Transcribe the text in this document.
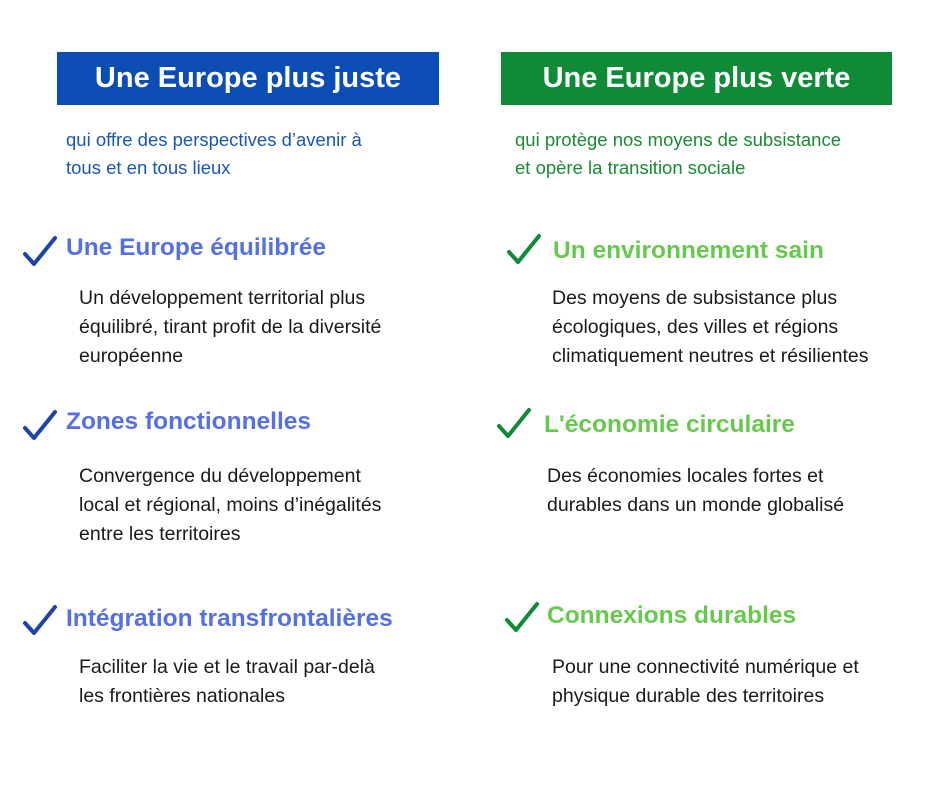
Une Europe plus juste	Une Europe plus verte
qui offre des perspectives d’avenir à
tous et en tous lieux
qui protège nos moyens de subsistance
et opère la transition sociale
Une Europe équilibrée
Un développement territorial plus
équilibré, tirant profit de la diversité
européenne
Zones fonctionnelles
Convergence du développement
local et régional, moins d’inégalités
entre les territoires
Intégration transfrontalières
Faciliter la vie et le travail par-delà
les frontières nationales
Un environnement sain
Des moyens de subsistance plus
écologiques, des villes et régions
climatiquement neutres et résilientes
L'économie circulaire
Des économies locales fortes et
durables dans un monde globalisé
Connexions durables
Pour une connectivité numérique et
physique durable des territoires
